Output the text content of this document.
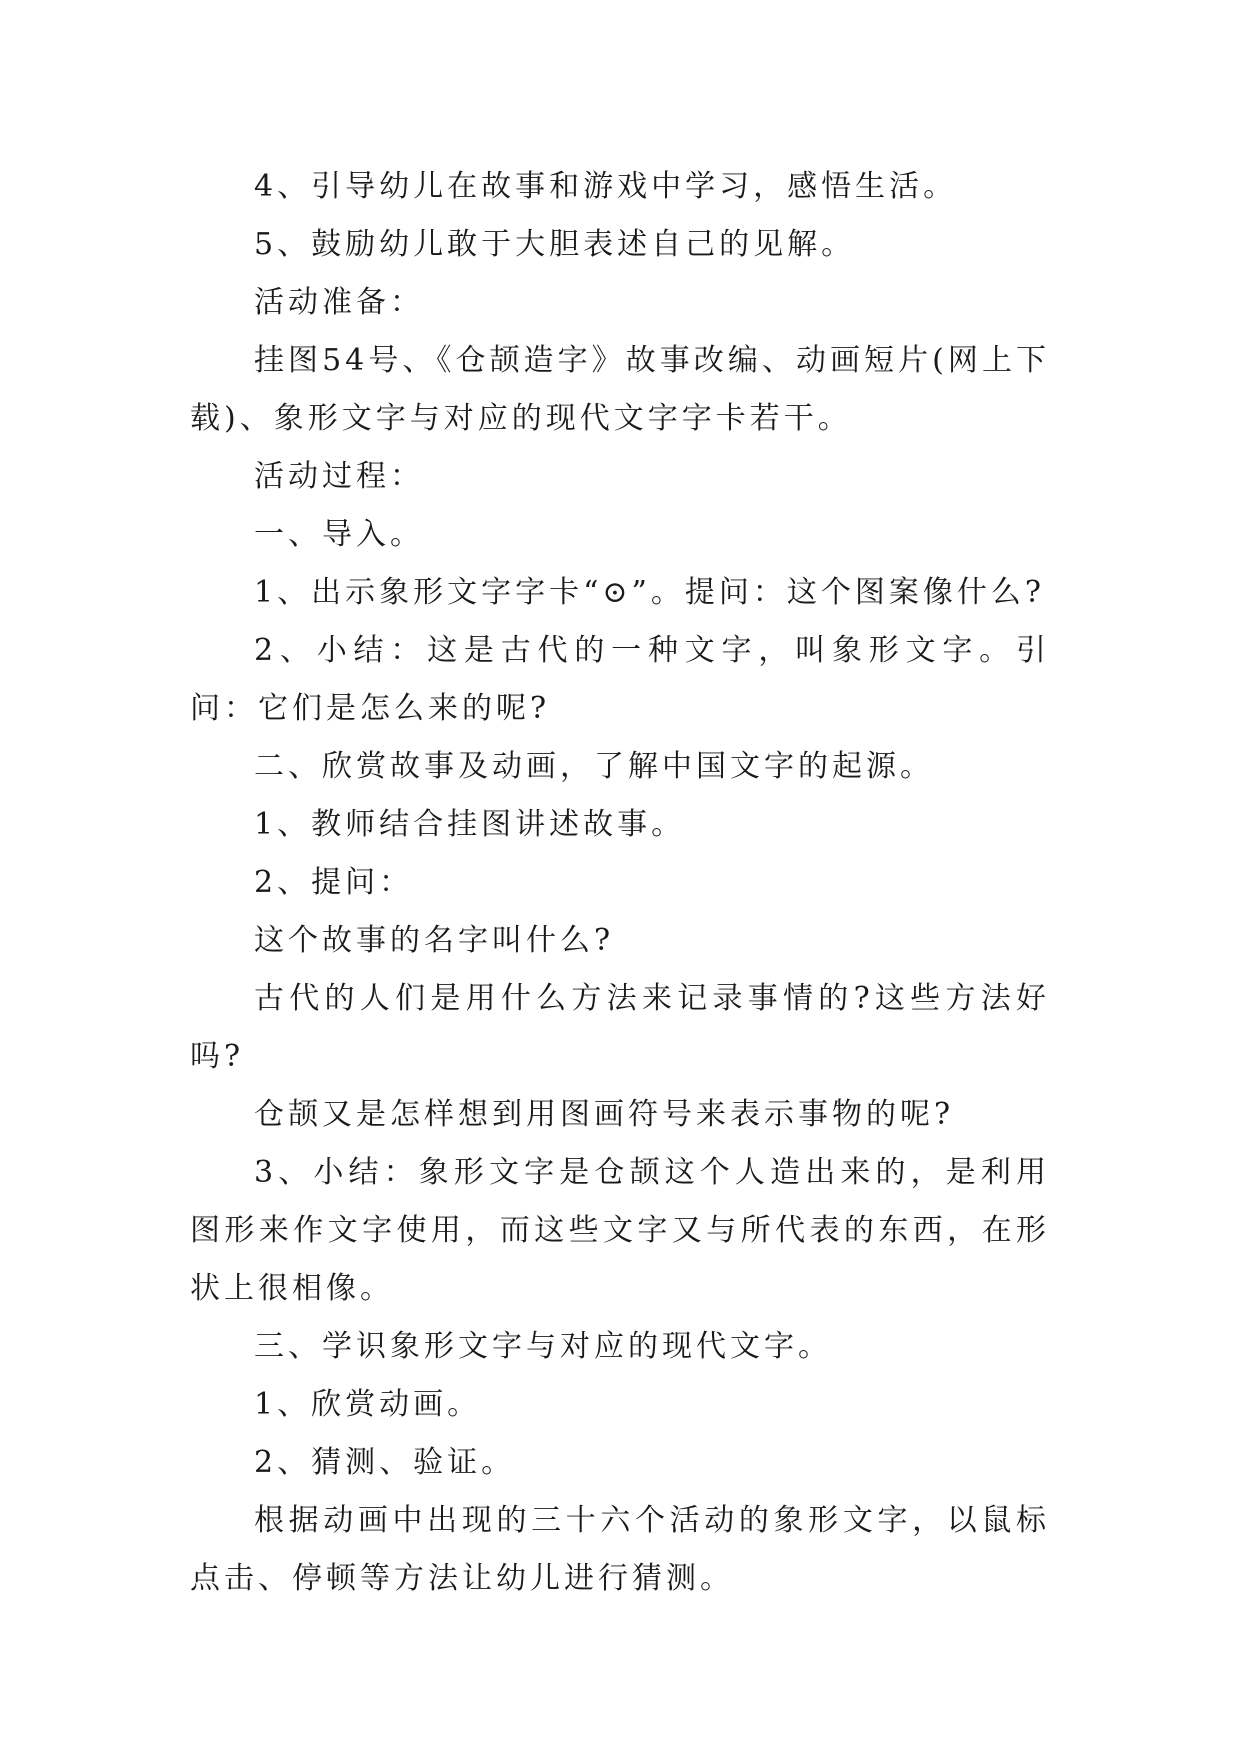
4、引导幼儿在故事和游戏中学习，感悟生活。

5、鼓励幼儿敢于大胆表述自己的见解。

活动准备：

挂图54号、《仓颉造字》故事改编、动画短片(网上下载)、象形文字与对应的现代文字字卡若干。

活动过程：

一、导入。

1、出示象形文字字卡“⊙”。提问：这个图案像什么?

2、小结：这是古代的一种文字，叫象形文字。引问：它们是怎么来的呢?

二、欣赏故事及动画，了解中国文字的起源。

1、教师结合挂图讲述故事。

2、提问：

这个故事的名字叫什么?

古代的人们是用什么方法来记录事情的?这些方法好吗?

仓颉又是怎样想到用图画符号来表示事物的呢?

3、小结：象形文字是仓颉这个人造出来的，是利用图形来作文字使用，而这些文字又与所代表的东西，在形状上很相像。

三、学识象形文字与对应的现代文字。

1、欣赏动画。

2、猜测、验证。

根据动画中出现的三十六个活动的象形文字，以鼠标点击、停顿等方法让幼儿进行猜测。
